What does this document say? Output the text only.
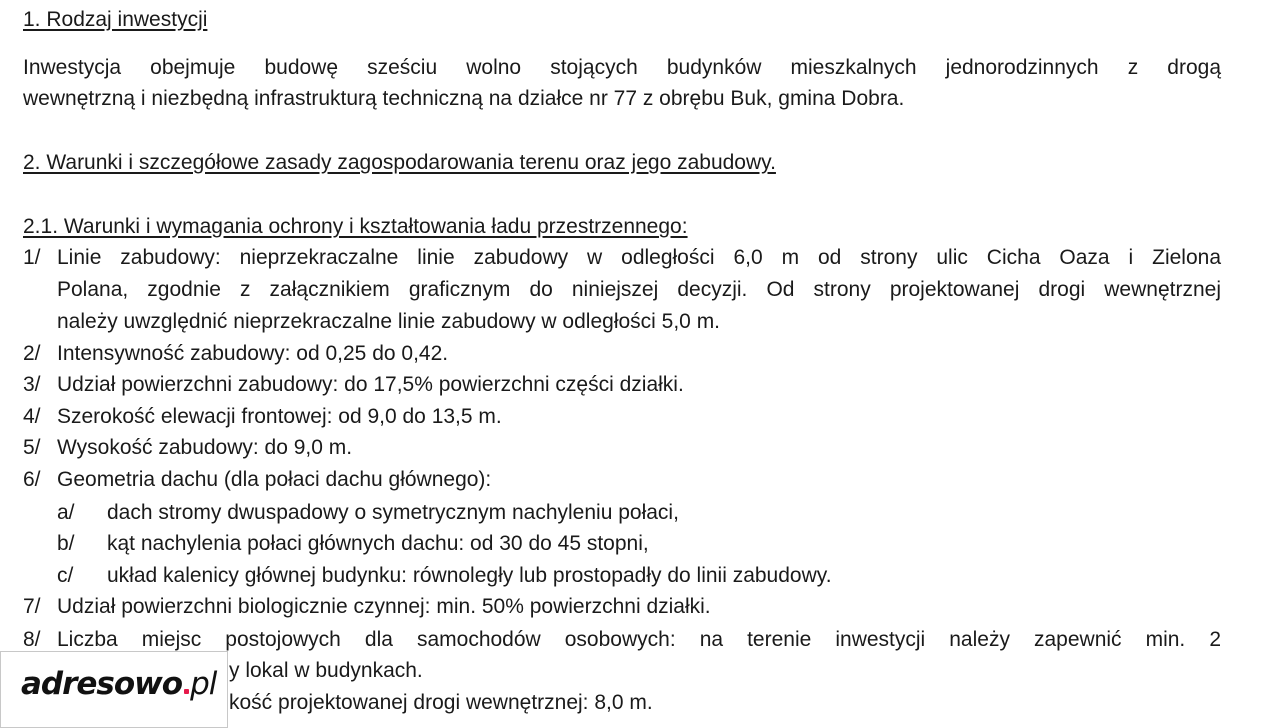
1. Rodzaj inwestycji
Inwestycja obejmuje budowę sześciu wolno stojących budynków mieszkalnych jednorodzinnych z drogą
wewnętrzną i niezbędną infrastrukturą techniczną na działce nr 77 z obrębu Buk, gmina Dobra.
2. Warunki i szczegółowe zasady zagospodarowania terenu oraz jego zabudowy.
2.1. Warunki i wymagania ochrony i kształtowania ładu przestrzennego:
1/ Linie zabudowy: nieprzekraczalne linie zabudowy w odległości 6,0 m od strony ulic Cicha Oaza i Zielona
Polana, zgodnie z załącznikiem graficznym do niniejszej decyzji. Od strony projektowanej drogi wewnętrznej
należy uwzględnić nieprzekraczalne linie zabudowy w odległości 5,0 m.
2/ Intensywność zabudowy: od 0,25 do 0,42.
3/ Udział powierzchni zabudowy: do 17,5% powierzchni części działki.
4/ Szerokość elewacji frontowej: od 9,0 do 13,5 m.
5/ Wysokość zabudowy: do 9,0 m.
6/ Geometria dachu (dla połaci dachu głównego):
a/ dach stromy dwuspadowy o symetrycznym nachyleniu połaci,
b/ kąt nachylenia połaci głównych dachu: od 30 do 45 stopni,
c/ układ kalenicy głównej budynku: równoległy lub prostopadły do linii zabudowy.
7/ Udział powierzchni biologicznie czynnej: min. 50% powierzchni działki.
8/ Liczba miejsc postojowych dla samochodów osobowych: na terenie inwestycji należy zapewnić min. 2
y lokal w budynkach.
kość projektowanej drogi wewnętrznej: 8,0 m.
adresowo pl
